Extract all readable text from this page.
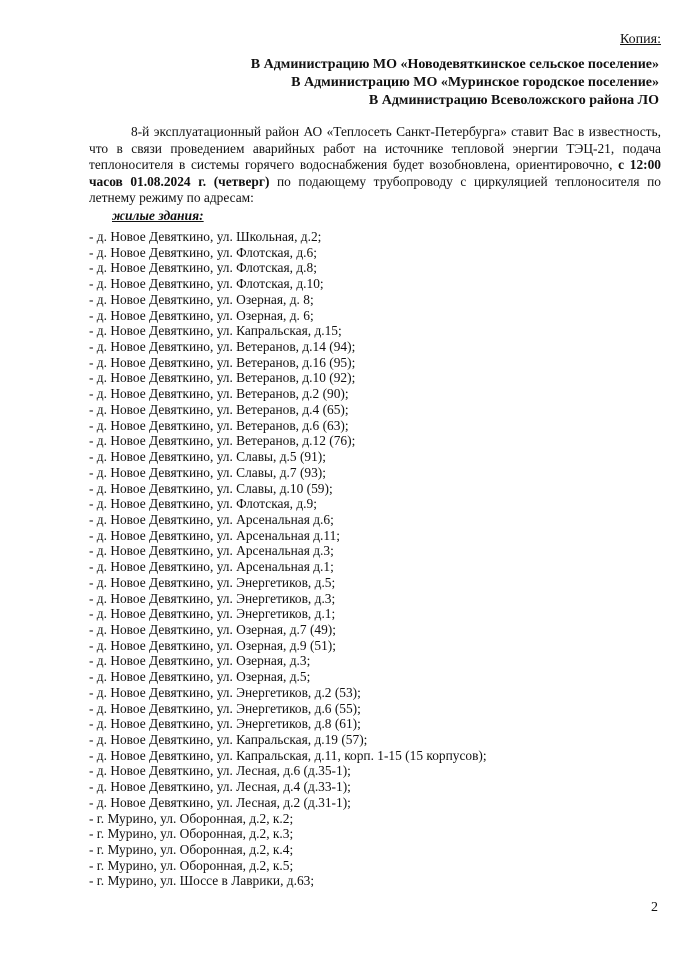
Копия:
В Администрацию МО «Новодевяткинское сельское поселение»
В Администрацию МО «Муринское городское поселение»
В Администрацию Всеволожского района ЛО
8-й эксплуатационный район АО «Теплосеть Санкт-Петербурга» ставит Вас в известность, что в связи проведением аварийных работ на источнике тепловой энергии ТЭЦ-21, подача теплоносителя в системы горячего водоснабжения будет возобновлена, ориентировочно, с 12:00 часов 01.08.2024 г. (четверг) по подающему трубопроводу с циркуляцией теплоносителя по летнему режиму по адресам:
жилые здания:
- д. Новое Девяткино, ул. Школьная, д.2;
- д. Новое Девяткино, ул. Флотская, д.6;
- д. Новое Девяткино, ул. Флотская, д.8;
- д. Новое Девяткино, ул. Флотская, д.10;
- д. Новое Девяткино, ул. Озерная, д. 8;
- д. Новое Девяткино, ул. Озерная, д. 6;
- д. Новое Девяткино, ул. Капральская, д.15;
- д. Новое Девяткино, ул. Ветеранов, д.14 (94);
- д. Новое Девяткино, ул. Ветеранов, д.16 (95);
- д. Новое Девяткино, ул. Ветеранов, д.10 (92);
- д. Новое Девяткино, ул. Ветеранов, д.2 (90);
- д. Новое Девяткино, ул. Ветеранов, д.4 (65);
- д. Новое Девяткино, ул. Ветеранов, д.6 (63);
- д. Новое Девяткино, ул. Ветеранов, д.12 (76);
- д. Новое Девяткино, ул. Славы, д.5 (91);
- д. Новое Девяткино, ул. Славы, д.7 (93);
- д. Новое Девяткино, ул. Славы, д.10 (59);
- д. Новое Девяткино, ул. Флотская, д.9;
- д. Новое Девяткино, ул. Арсенальная д.6;
- д. Новое Девяткино, ул. Арсенальная д.11;
- д. Новое Девяткино, ул. Арсенальная д.3;
- д. Новое Девяткино, ул. Арсенальная д.1;
- д. Новое Девяткино, ул. Энергетиков, д.5;
- д. Новое Девяткино, ул. Энергетиков, д.3;
- д. Новое Девяткино, ул. Энергетиков, д.1;
- д. Новое Девяткино, ул. Озерная, д.7 (49);
- д. Новое Девяткино, ул. Озерная, д.9 (51);
- д. Новое Девяткино, ул. Озерная, д.3;
- д. Новое Девяткино, ул. Озерная, д.5;
- д. Новое Девяткино, ул. Энергетиков, д.2 (53);
- д. Новое Девяткино, ул. Энергетиков, д.6 (55);
- д. Новое Девяткино, ул. Энергетиков, д.8 (61);
- д. Новое Девяткино, ул. Капральская, д.19 (57);
- д. Новое Девяткино, ул. Капральская, д.11, корп. 1-15 (15 корпусов);
- д. Новое Девяткино, ул. Лесная, д.6 (д.35-1);
- д. Новое Девяткино, ул. Лесная, д.4 (д.33-1);
- д. Новое Девяткино, ул. Лесная, д.2 (д.31-1);
- г. Мурино, ул. Оборонная, д.2, к.2;
- г. Мурино, ул. Оборонная, д.2, к.3;
- г. Мурино, ул. Оборонная, д.2, к.4;
- г. Мурино, ул. Оборонная, д.2, к.5;
- г. Мурино, ул. Шоссе в Лаврики, д.63;
2
